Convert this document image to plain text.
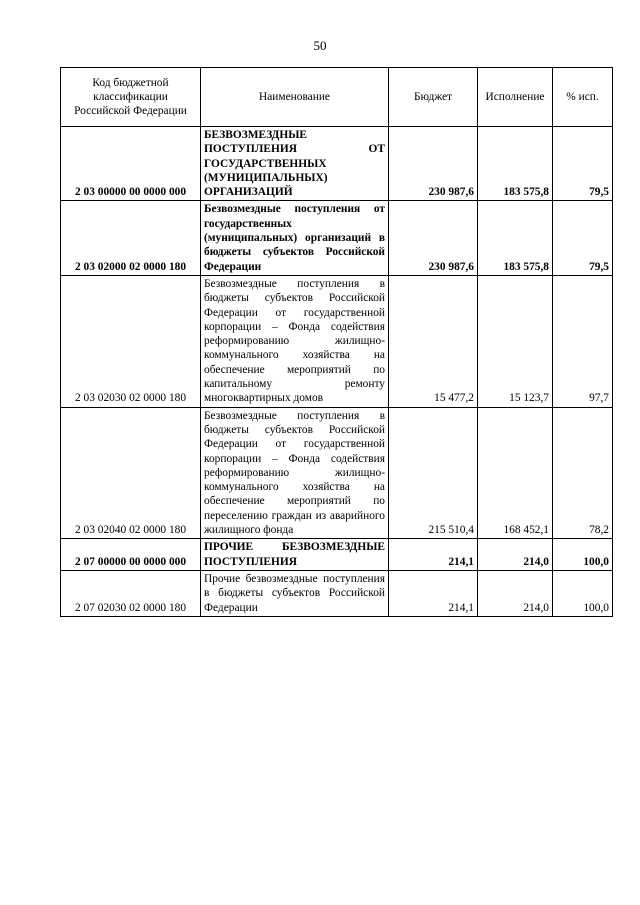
50
Код бюджетной классификации Российской Федерации	Наименование	Бюджет	Исполнение	% исп.
2 03 00000 00 0000 000	БЕЗВОЗМЕЗДНЫЕ ПОСТУПЛЕНИЯ ОТ ГОСУДАРСТВЕННЫХ (МУНИЦИПАЛЬНЫХ) ОРГАНИЗАЦИЙ	230 987,6	183 575,8	79,5
2 03 02000 02 0000 180	Безвозмездные поступления от государственных (муниципальных) организаций в бюджеты субъектов Российской Федерации	230 987,6	183 575,8	79,5
2 03 02030 02 0000 180	Безвозмездные поступления в бюджеты субъектов Российской Федерации от государственной корпорации – Фонда содействия реформированию жилищно-коммунального хозяйства на обеспечение мероприятий по капитальному ремонту многоквартирных домов	15 477,2	15 123,7	97,7
2 03 02040 02 0000 180	Безвозмездные поступления в бюджеты субъектов Российской Федерации от государственной корпорации – Фонда содействия реформированию жилищно-коммунального хозяйства на обеспечение мероприятий по переселению граждан из аварийного жилищного фонда	215 510,4	168 452,1	78,2
2 07 00000 00 0000 000	ПРОЧИЕ БЕЗВОЗМЕЗДНЫЕ ПОСТУПЛЕНИЯ	214,1	214,0	100,0
2 07 02030 02 0000 180	Прочие безвозмездные поступления в бюджеты субъектов Российской Федерации	214,1	214,0	100,0
